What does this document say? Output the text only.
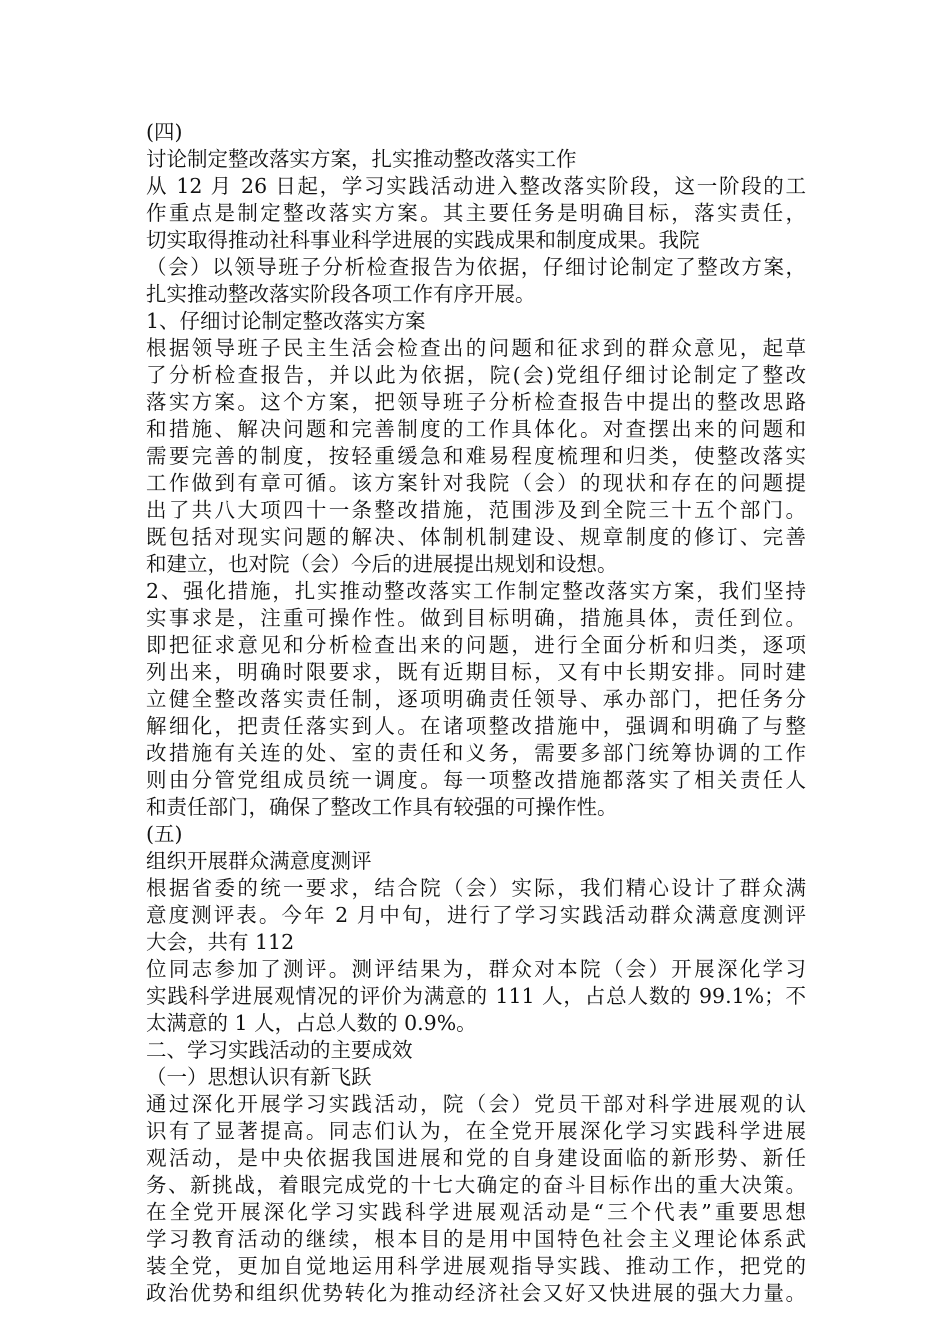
(四)
讨论制定整改落实方案，扎实推动整改落实工作
从 12 月 26 日起，学习实践活动进入整改落实阶段，这一阶段的工
作重点是制定整改落实方案。其主要任务是明确目标，落实责任，
切实取得推动社科事业科学进展的实践成果和制度成果。我院
（会）以领导班子分析检查报告为依据，仔细讨论制定了整改方案，
扎实推动整改落实阶段各项工作有序开展。
1、仔细讨论制定整改落实方案
根据领导班子民主生活会检查出的问题和征求到的群众意见，起草
了分析检查报告，并以此为依据，院(会)党组仔细讨论制定了整改
落实方案。这个方案，把领导班子分析检查报告中提出的整改思路
和措施、解决问题和完善制度的工作具体化。对查摆出来的问题和
需要完善的制度，按轻重缓急和难易程度梳理和归类，使整改落实
工作做到有章可循。该方案针对我院（会）的现状和存在的问题提
出了共八大项四十一条整改措施，范围涉及到全院三十五个部门。
既包括对现实问题的解决、体制机制建设、规章制度的修订、完善
和建立，也对院（会）今后的进展提出规划和设想。
2、强化措施，扎实推动整改落实工作制定整改落实方案，我们坚持
实事求是，注重可操作性。做到目标明确，措施具体，责任到位。
即把征求意见和分析检查出来的问题，进行全面分析和归类，逐项
列出来，明确时限要求，既有近期目标，又有中长期安排。同时建
立健全整改落实责任制，逐项明确责任领导、承办部门，把任务分
解细化，把责任落实到人。在诸项整改措施中，强调和明确了与整
改措施有关连的处、室的责任和义务，需要多部门统筹协调的工作
则由分管党组成员统一调度。每一项整改措施都落实了相关责任人
和责任部门，确保了整改工作具有较强的可操作性。
(五)
组织开展群众满意度测评
根据省委的统一要求，结合院（会）实际，我们精心设计了群众满
意度测评表。今年 2 月中旬，进行了学习实践活动群众满意度测评
大会，共有 112
位同志参加了测评。测评结果为，群众对本院（会）开展深化学习
实践科学进展观情况的评价为满意的 111 人，占总人数的 99.1%；不
太满意的 1 人，占总人数的 0.9%。
二、学习实践活动的主要成效
（一）思想认识有新飞跃
通过深化开展学习实践活动，院（会）党员干部对科学进展观的认
识有了显著提高。同志们认为，在全党开展深化学习实践科学进展
观活动，是中央依据我国进展和党的自身建设面临的新形势、新任
务、新挑战，着眼完成党的十七大确定的奋斗目标作出的重大决策。
在全党开展深化学习实践科学进展观活动是“三个代表”重要思想
学习教育活动的继续，根本目的是用中国特色社会主义理论体系武
装全党，更加自觉地运用科学进展观指导实践、推动工作，把党的
政治优势和组织优势转化为推动经济社会又好又快进展的强大力量。
